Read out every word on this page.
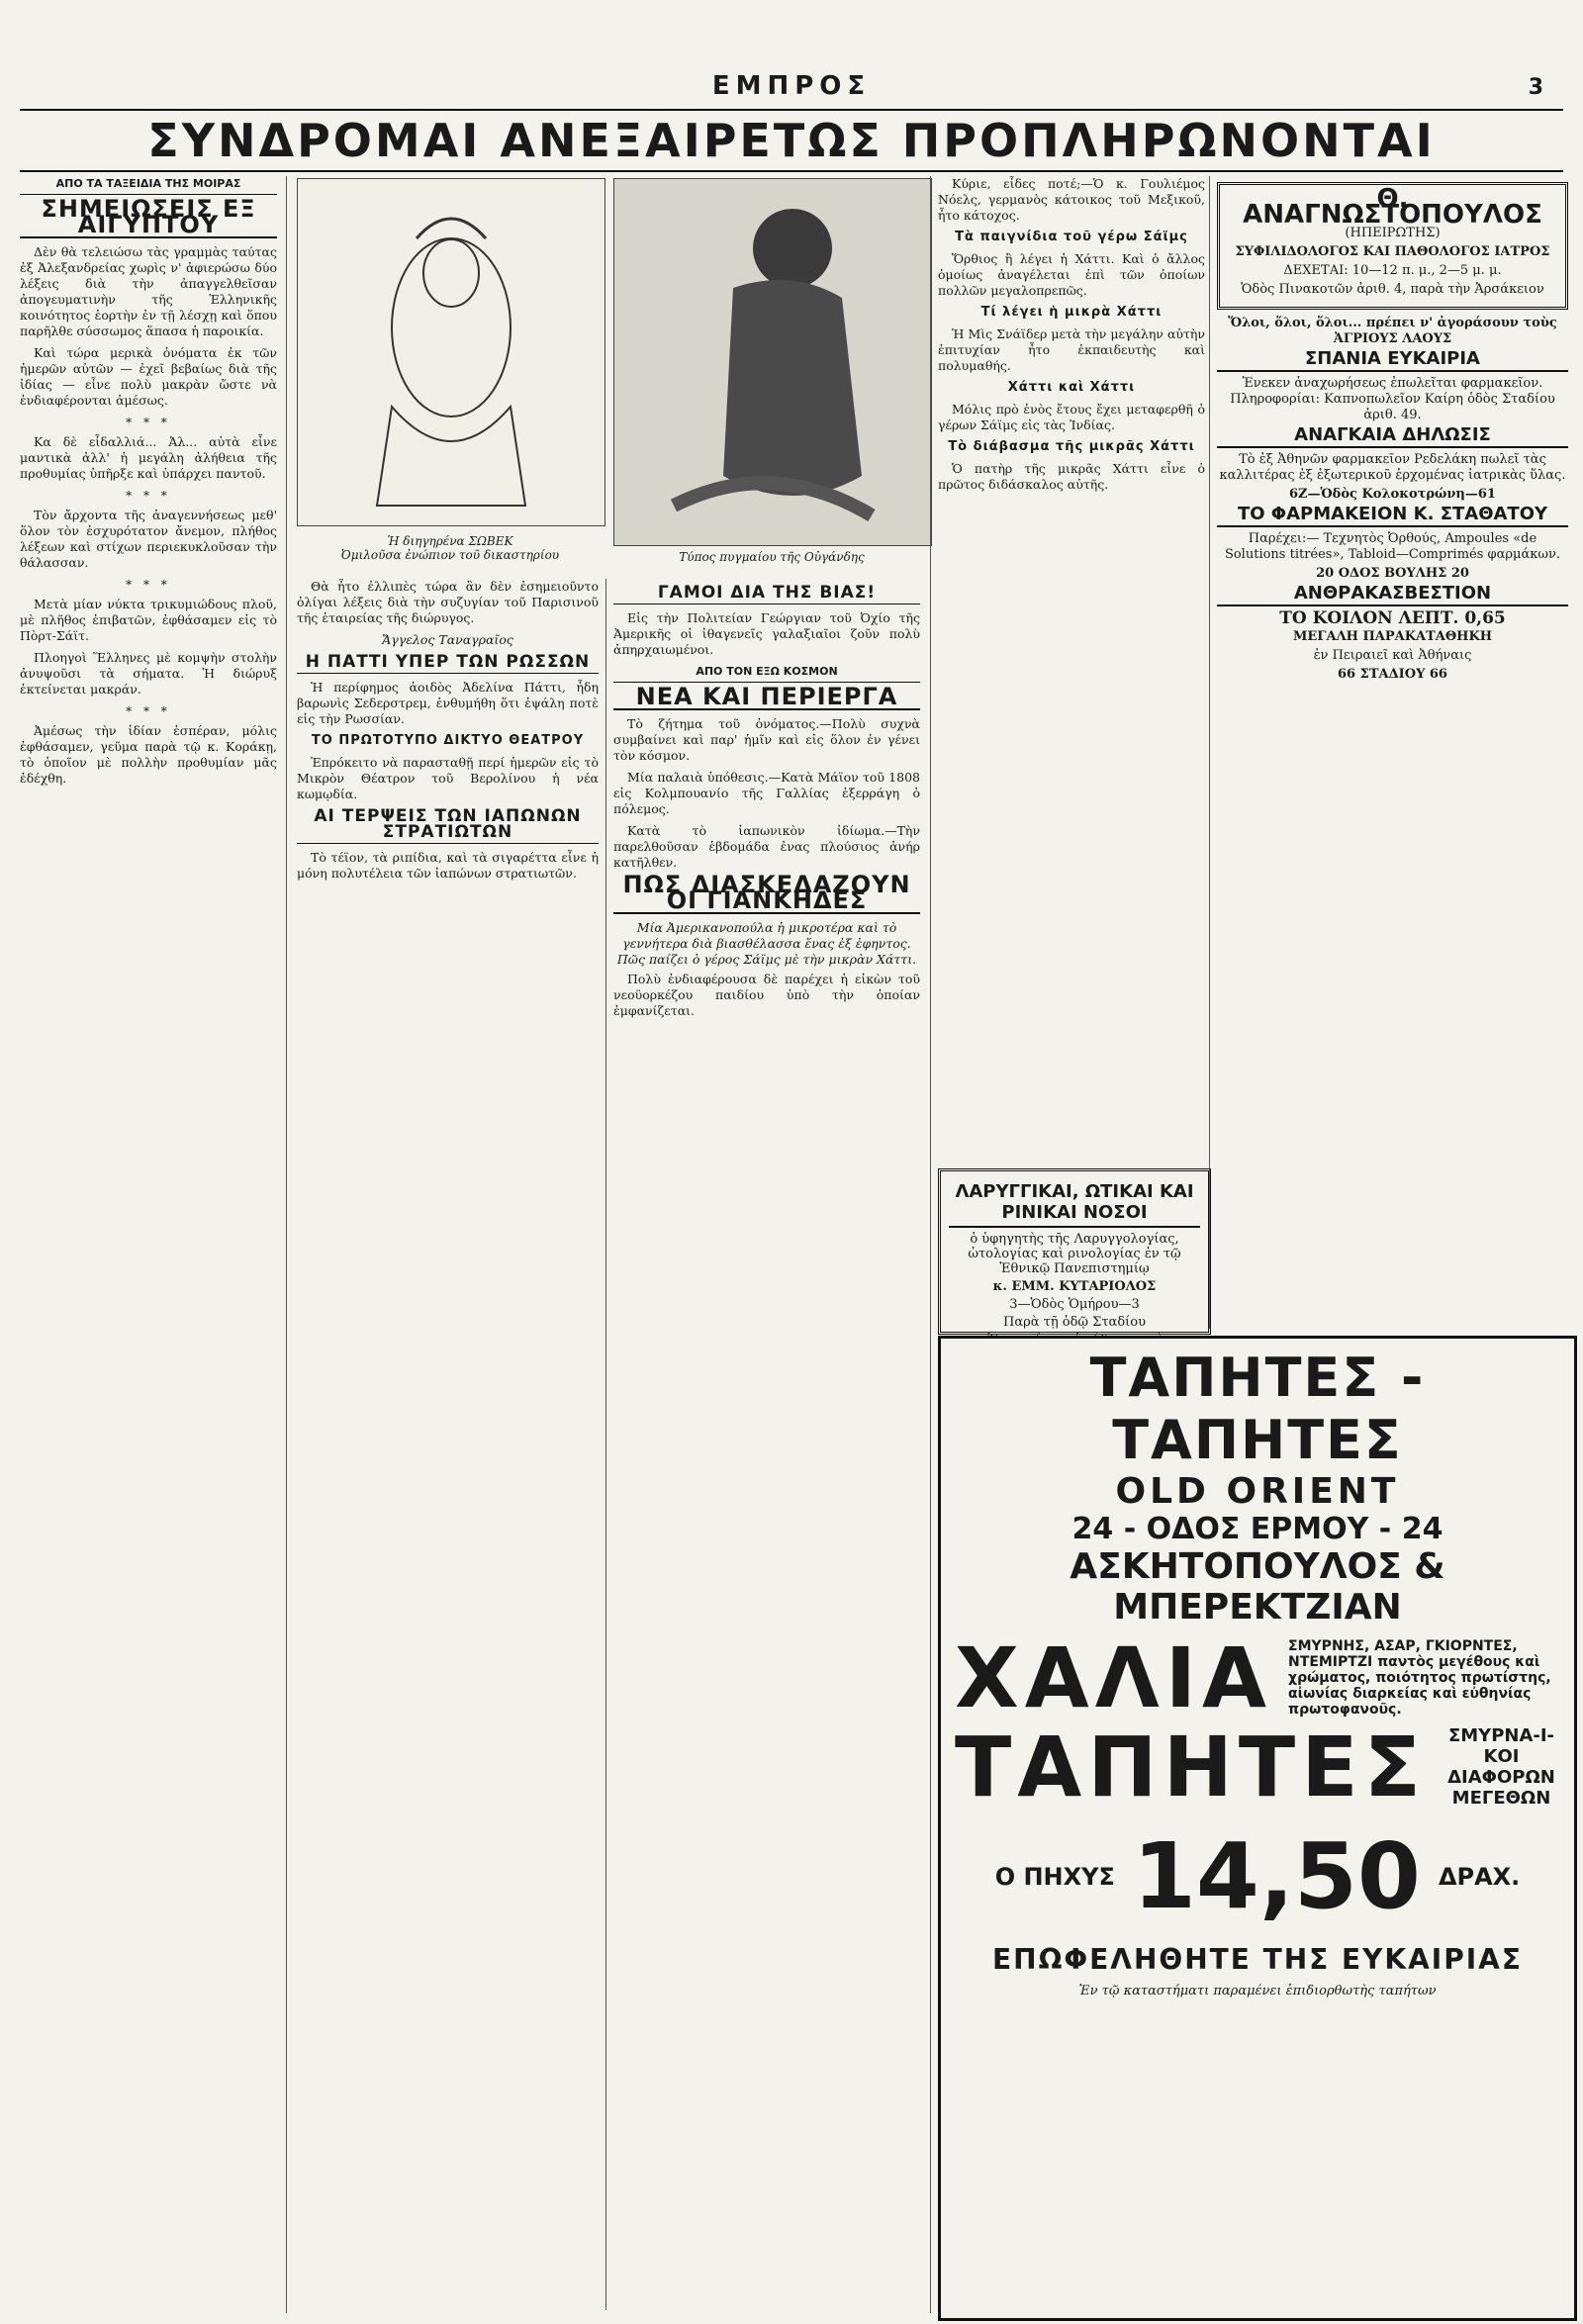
ΕΜΠΡΟΣ	3
ΣΥΝΔΡΟΜΑΙ ΑΝΕΞΑΙΡΕΤΩΣ ΠΡΟΠΛΗΡΩΝΟΝΤΑΙ
ΑΠΟ ΤΑ ΤΑΞΕΙΔΙΑ ΤΗΣ ΜΟΙΡΑΣ
ΣΗΜΕΙΩΣΕΙΣ ΕΞ ΑΙΓΥΠΤΟΥ

Δὲν θὰ τελειώσω τὰς γραμμὰς ταύτας ἐξ Ἀλεξανδρείας χωρὶς ν' ἀφιερώσω δύο λέξεις διὰ τὴν ἀπαγγελθεῖσαν ἀπογευματινὴν τῆς Ἑλληνικῆς κοινότητος ἑορτὴν ἐν τῇ λέσχῃ καὶ ὅπου παρῆλθε σύσσωμος ἅπασα ἡ παροικία.

Καὶ τώρα μερικὰ ὀνόματα ἐκ τῶν ἡμερῶν αὐτῶν — ἐχεῖ βεβαίως διὰ τῆς ἰδίας — εἶνε πολὺ μακρὰν ὥστε νὰ ἐνδιαφέρονται ἀμέσως.

* * *

Κα δὲ εἶδαλλιά... Ἀλ... αὐτὰ εἶνε μαντικὰ ἀλλ' ἡ μεγάλη ἀλήθεια τῆς προθυμίας ὑπῆρξε καὶ ὑπάρχει παντοῦ.

* * *

Τὸν ἄρχοντα τῆς ἀναγεννήσεως μεθ' ὅλον τὸν ἐσχυρότατον ἄνεμον, πλήθος λέξεων καὶ στίχων περιεκυκλοῦσαν τὴν θάλασσαν.

* * *

Μετὰ μίαν νύκτα τρικυμιώδους πλοῦ, μὲ πλῆθος ἐπιβατῶν, ἐφθάσαμεν εἰς τὸ Πὸρτ-Σάϊτ.

Πλοηγοὶ Ἕλληνες μὲ κομψὴν στολὴν ἀνυψοῦσι τὰ σήματα. Ἡ διώρυξ ἐκτείνεται μακράν.

* * *

Ἀμέσως τὴν ἰδίαν ἑσπέραν, μόλις ἐφθάσαμεν, γεῦμα παρὰ τῷ κ. Κοράκῃ, τὸ ὁποῖον μὲ πολλὴν προθυμίαν μᾶς ἐδέχθη.

Ἡ διηγηρένα ΣΩΒΕΚ
Ὀμιλοῦσα ἐνώπιον τοῦ δικαστηρίου	Τύπος πυγμαίου τῆς Οὐγάνδης

Θὰ ἦτο ἐλλιπὲς τώρα ἂν δὲν ἐσημειοῦντο ὀλίγαι λέξεις διὰ τὴν συζυγίαν τοῦ Παρισινοῦ τῆς ἑταιρείας τῆς διώρυγος.

Ἄγγελος Ταναγραῖος
Η ΠΑΤΤΙ ΥΠΕΡ ΤΩΝ ΡΩΣΣΩΝ

Ἡ περίφημος ἀοιδὸς Ἀδελίνα Πάττι, ἦδη βαρωνὶς Σεδερστρεμ, ἐνθυμήθη ὅτι ἐψάλη ποτὲ εἰς τὴν Ρωσσίαν.

ΤΟ ΠΡΩΤΟΤΥΠΟ ΔΙΚΤΥΟ ΘΕΑΤΡΟΥ

Ἐπρόκειτο νὰ παρασταθῇ περί ἡμερῶν εἰς τὸ Μικρὸν Θέατρον τοῦ Βερολίνου ἡ νέα κωμῳδία.

ΑΙ ΤΕΡΨΕΙΣ ΤΩΝ ΙΑΠΩΝΩΝ ΣΤΡΑΤΙΩΤΩΝ

Τὸ τέϊον, τὰ ριπίδια, καὶ τὰ σιγαρέττα εἶνε ἡ μόνη πολυτέλεια τῶν ἰαπώνων στρατιωτῶν.

ΓΑΜΟΙ ΔΙΑ ΤΗΣ ΒΙΑΣ!

Εἰς τὴν Πολιτείαν Γεώργιαν τοῦ Ὀχίο τῆς Ἀμερικῆς οἱ ἰθαγενεῖς γαλαξιαῖοι ζοῦν πολὺ ἀπηρχαιωμένοι.

ΑΠΟ ΤΟΝ ΕΞΩ ΚΟΣΜΟΝ
ΝΕΑ ΚΑΙ ΠΕΡΙΕΡΓΑ

Τὸ ζήτημα τοῦ ὀνόματος.—Πολὺ συχνὰ συμβαίνει καὶ παρ' ἡμῖν καὶ εἰς ὅλον ἐν γένει τὸν κόσμον.

Μία παλαιὰ ὑπόθεσις.—Κατὰ Μάϊον τοῦ 1808 εἰς Κολμπουανίο τῆς Γαλλίας ἐξερράγη ὁ πόλεμος.

Κατὰ τὸ ἰαπωνικὸν ἰδίωμα.—Τὴν παρελθοῦσαν ἑβδομάδα ἐνας πλούσιος ἀνήρ κατῆλθεν.

ΠΩΣ ΔΙΑΣΚΕΔΑΖΟΥΝ ΟΙ ΓΙΑΝΚΗΔΕΣ
Μία Ἀμερικανοπούλα ἡ μικροτέρα καὶ τὸ γεννήτερα διὰ βιασθέλασσα ἕνας ἐξ ἐφηντος. Πῶς παίζει ὁ γέρος Σάϊμς μὲ τὴν μικρὰν Χάττι.

Πολὺ ἐνδιαφέρουσα δὲ παρέχει ἡ εἰκὼν τοῦ νεοϋορκέζου παιδίου ὑπὸ τὴν ὁποίαν ἐμφανίζεται.

Κύριε, εἶδες ποτέ;—Ὁ κ. Γουλιέμος Νόελς, γερμανὸς κάτοικος τοῦ Μεξικοῦ, ἦτο κάτοχος.

Τὰ παιγνίδια τοῦ γέρω Σάϊμς

Ὅρθιος ἢ λέγει ἡ Χάττι. Καὶ ὁ ἄλλος ὁμοίως ἀναγέλεται ἐπὶ τῶν ὁποίων πολλῶν μεγαλοπρεπῶς.

Τί λέγει ἡ μικρὰ Χάττι

Ἡ Μὶς Σνάϊδερ μετὰ τὴν μεγάλην αὐτὴν ἐπιτυχίαν ἦτο ἐκπαιδευτὴς καὶ πολυμαθής.

Χάττι καὶ Χάττι

Μόλις πρὸ ἐνὸς ἔτους ἔχει μεταφερθῆ ὁ γέρων Σάϊμς εἰς τὰς Ἰνδίας.

Τὸ διάβασμα τῆς μικρᾶς Χάττι

Ὁ πατὴρ τῆς μικρᾶς Χάττι εἶνε ὁ πρῶτος διδάσκαλος αὐτῆς.

ΛΑΡΥΓΓΙΚΑΙ, ΩΤΙΚΑΙ ΚΑΙ ΡΙΝΙΚΑΙ ΝΟΣΟΙ
ὁ ὑφηγητὴς τῆς Λαρυγγολογίας, ὠτολογίας καὶ ρινολογίας ἐν τῷ Ἐθνικῷ Πανεπιστημίῳ
κ. ΕΜΜ. ΚΥΤΑΡΙΟΛΟΣ
3—Ὁδὸς Ὁμήρου—3
Παρὰ τῇ ὁδῷ Σταδίου
Θ. ΑΝΑΓΝΩΣΤΟΠΟΥΛΟΣ
(ΗΠΕΙΡΩΤΗΣ)
ΣΥΦΙΛΙΔΟΛΟΓΟΣ ΚΑΙ ΠΑΘΟΛΟΓΟΣ ΙΑΤΡΟΣ
ΔΕΧΕΤΑΙ: 10—12 π. μ., 2—5 μ. μ.
Ὁδὸς Πινακοτῶν ἀριθ. 4, παρὰ τὴν Ἀρσάκειον
Ὅλοι, ὅλοι, ὅλοι... πρέπει ν' ἀγοράσουν τοὺς ἈΓΡΙΟΥΣ ΛΑΟΥΣ
ΣΠΑΝΙΑ ΕΥΚΑΙΡΙΑ
Ἐνεκεν ἀναχωρήσεως ἐπωλεῖται φαρμακεῖον. Πληροφορίαι: Καπνοπωλεῖον Καίρη ὁδὸς Σταδίου ἀριθ. 49.
ΑΝΑΓΚΑΙΑ ΔΗΛΩΣΙΣ
Τὸ ἐξ Ἀθηνῶν φαρμακεῖον Ρεδελάκη πωλεῖ τὰς καλλιτέρας ἐξ ἐξωτερικοῦ ἐρχομένας ἰατρικὰς ὕλας.
6Ζ—Ὁδὸς Κολοκοτρώνη—61
ΤΟ ΦΑΡΜΑΚΕΙΟΝ Κ. ΣΤΑΘΑΤΟΥ
Παρέχει:— Τεχνητὸς Ὀρθούς, Ampoules «de Solutions titrées», Tabloid—Comprimés φαρμάκων.
20 ΟΔΟΣ ΒΟΥΛΗΣ 20
ΑΝΘΡΑΚΑΣΒΕΣΤΙΟΝ
ΤΟ ΚΟΙΛΟΝ ΛΕΠΤ. 0,65
ΜΕΓΑΛΗ ΠΑΡΑΚΑΤΑΘΗΚΗ
ἐν Πειραιεῖ καὶ Ἀθήναις
66 ΣΤΑΔΙΟΥ 66
ΤΑΠΗΤΕΣ - ΤΑΠΗΤΕΣ
OLD ORIENT
24 - ΟΔΟΣ ΕΡΜΟΥ - 24
ΑΣΚΗΤΟΠΟΥΛΟΣ & ΜΠΕΡΕΚΤΖΙΑΝ
ΧΑΛΙΑ ΣΜΥΡΝΗΣ, ΑΣΑΡ, ΓΚΙΟΡΝΤΕΣ, ΝΤΕΜΙΡΤΖΙ παντὸς μεγέθους καὶ χρώματος, ποιότητος πρωτίστης, αἰωνίας διαρκείας καὶ εὐθηνίας πρωτοφανοῦς.
ΤΑΠΗΤΕΣ	ΣΜΥΡΝΑ-Ι-ΚΟΙ ΔΙΑΦΟΡΩΝ ΜΕΓΕΘΩΝ
Ο ΠΗΧΥΣ 14,50 ΔΡΑΧ.
ΕΠΩΦΕΛΗΘΗΤΕ ΤΗΣ ΕΥΚΑΙΡΙΑΣ
Ἐν τῷ καταστήματι παραμένει ἐπιδιορθωτὴς ταπήτων
